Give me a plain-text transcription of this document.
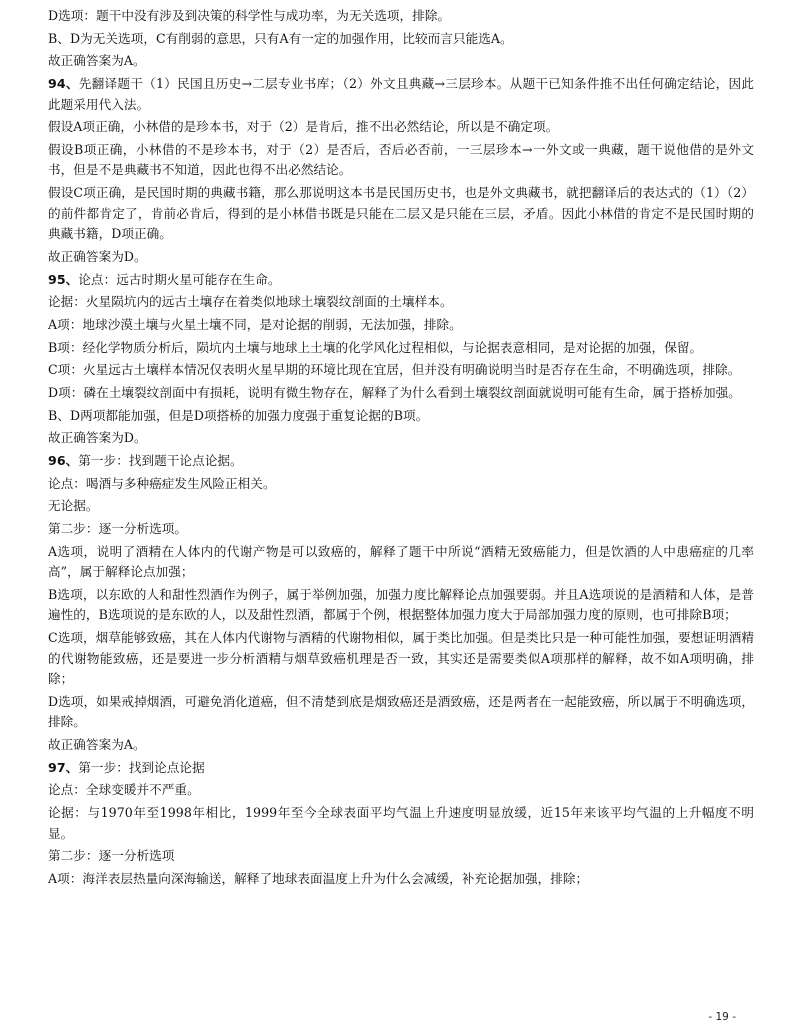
D选项：题干中没有涉及到决策的科学性与成功率，为无关选项，排除。

B、D为无关选项，C有削弱的意思，只有A有一定的加强作用，比较而言只能选A。

故正确答案为A。

94、先翻译题干（1）民国且历史→二层专业书库；（2）外文且典藏→三层珍本。从题干已知条件推不出任何确定结论，因此此题采用代入法。

假设A项正确，小林借的是珍本书，对于（2）是肯后，推不出必然结论，所以是不确定项。

假设B项正确，小林借的不是珍本书，对于（2）是否后，否后必否前，一三层珍本→一外文或一典藏，题干说他借的是外文书，但是不是典藏书不知道，因此也得不出必然结论。

假设C项正确，是民国时期的典藏书籍，那么那说明这本书是民国历史书，也是外文典藏书，就把翻译后的表达式的（1）（2）的前件都肯定了，肯前必肯后，得到的是小林借书既是只能在二层又是只能在三层，矛盾。因此小林借的肯定不是民国时期的典藏书籍，D项正确。

故正确答案为D。

95、论点：远古时期火星可能存在生命。

论据：火星陨坑内的远古土壤存在着类似地球土壤裂纹剖面的土壤样本。

A项：地球沙漠土壤与火星土壤不同，是对论据的削弱，无法加强，排除。

B项：经化学物质分析后，陨坑内土壤与地球上土壤的化学风化过程相似，与论据表意相同，是对论据的加强，保留。

C项：火星远古土壤样本情况仅表明火星早期的环境比现在宜居，但并没有明确说明当时是否存在生命，不明确选项，排除。

D项：磷在土壤裂纹剖面中有损耗，说明有微生物存在，解释了为什么看到土壤裂纹剖面就说明可能有生命，属于搭桥加强。

B、D两项都能加强，但是D项搭桥的加强力度强于重复论据的B项。

故正确答案为D。

96、第一步：找到题干论点论据。

论点：喝酒与多种癌症发生风险正相关。

无论据。

第二步：逐一分析选项。

A选项，说明了酒精在人体内的代谢产物是可以致癌的，解释了题干中所说“酒精无致癌能力，但是饮酒的人中患癌症的几率高”，属于解释论点加强；

B选项，以东欧的人和甜性烈酒作为例子，属于举例加强，加强力度比解释论点加强要弱。并且A选项说的是酒精和人体，是普遍性的，B选项说的是东欧的人，以及甜性烈酒，都属于个例，根据整体加强力度大于局部加强力度的原则，也可排除B项；

C选项，烟草能够致癌，其在人体内代谢物与酒精的代谢物相似，属于类比加强。但是类比只是一种可能性加强，要想证明酒精的代谢物能致癌，还是要进一步分析酒精与烟草致癌机理是否一致，其实还是需要类似A项那样的解释，故不如A项明确，排除；

D选项，如果戒掉烟酒，可避免消化道癌，但不清楚到底是烟致癌还是酒致癌，还是两者在一起能致癌，所以属于不明确选项，排除。

故正确答案为A。

97、第一步：找到论点论据

论点：全球变暖并不严重。

论据：与1970年至1998年相比，1999年至今全球表面平均气温上升速度明显放缓，近15年来该平均气温的上升幅度不明显。

第二步：逐一分析选项

A项：海洋表层热量向深海输送，解释了地球表面温度上升为什么会减缓，补充论据加强，排除；

- 19 -
